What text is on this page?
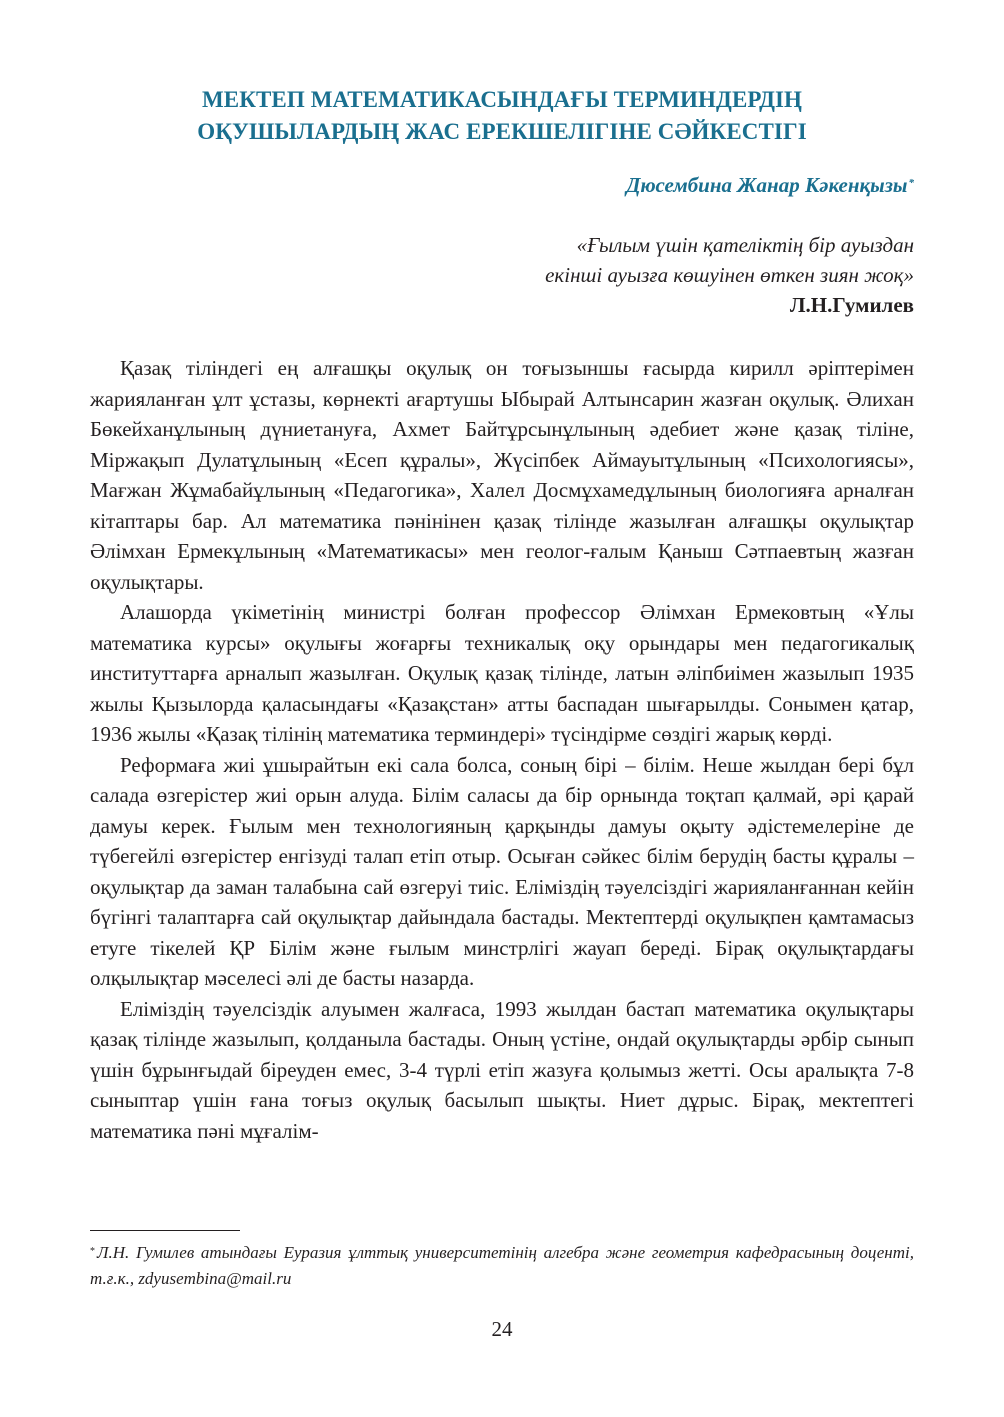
МЕКТЕП МАТЕМАТИКАСЫНДАҒЫ ТЕРМИНДЕРДІҢ
ОҚУШЫЛАРДЫҢ ЖАС ЕРЕКШЕЛІГІНЕ СӘЙКЕСТІГІ
Дюсембина Жанар Кәкенқызы*
«Ғылым үшін қателіктің бір ауыздан
екінші ауызға көшуінен өткен зиян жоқ»
Л.Н.Гумилев

Қазақ тіліндегі ең алғашқы оқулық он тоғызыншы ғасырда кирилл әріптерімен жарияланған ұлт ұстазы, көрнекті ағартушы Ыбырай Алтынсарин жазған оқулық. Әлихан Бөкейханұлының дүниетануға, Ахмет Байтұрсынұлының әдебиет және қазақ тіліне, Міржақып Дулатұлының «Есеп құралы», Жүсіпбек Аймауытұлының «Психологиясы», Мағжан Жұмабайұлының «Педагогика», Халел Досмұхамедұлының биологияға арналған кітаптары бар. Ал математика пәнінінен қазақ тілінде жазылған алғашқы оқулықтар Әлімхан Ермекұлының «Математикасы» мен геолог-ғалым Қаныш Сәтпаевтың жазған оқулықтары.

Алашорда үкіметінің министрі болған профессор Әлімхан Ермековтың «Ұлы математика курсы» оқулығы жоғарғы техникалық оқу орындары мен педагогикалық институттарға арналып жазылған. Оқулық қазақ тілінде, латын әліпбиімен жазылып 1935 жылы Қызылорда қаласындағы «Қазақстан» атты баспадан шығарылды. Сонымен қатар, 1936 жылы «Қазақ тілінің математика терминдері» түсіндірме сөздігі жарық көрді.

Реформаға жиі ұшырайтын екі сала болса, соның бірі – білім. Неше жылдан бері бұл салада өзгерістер жиі орын алуда. Білім саласы да бір орнында тоқтап қалмай, әрі қарай дамуы керек. Ғылым мен технологияның қарқынды дамуы оқыту әдістемелеріне де түбегейлі өзгерістер енгізуді талап етіп отыр. Осыған сәйкес білім берудің басты құралы – оқулықтар да заман талабына сай өзгеруі тиіс. Еліміздің тәуелсіздігі жарияланғаннан кейін бүгінгі талаптарға сай оқулықтар дайындала бастады. Мектептерді оқулықпен қамтамасыз етуге тікелей ҚР Білім және ғылым минстрлігі жауап береді. Бірақ оқулықтардағы олқылықтар мәселесі әлі де басты назарда.

Еліміздің тәуелсіздік алуымен жалғаса, 1993 жылдан бастап математика оқулықтары қазақ тілінде жазылып, қолданыла бастады. Оның үстіне, ондай оқулықтарды әрбір сынып үшін бұрынғыдай біреуден емес, 3-4 түрлі етіп жазуға қолымыз жетті. Осы аралықта 7-8 сыныптар үшін ғана тоғыз оқулық басылып шықты. Ниет дұрыс. Бірақ, мектептегі математика пәні мұғалім-

* Л.Н. Гумилев атындағы Еуразия ұлттық университетінің алгебра және геометрия кафедрасының доценті, т.ғ.к., zdyusembina@mail.ru
24
